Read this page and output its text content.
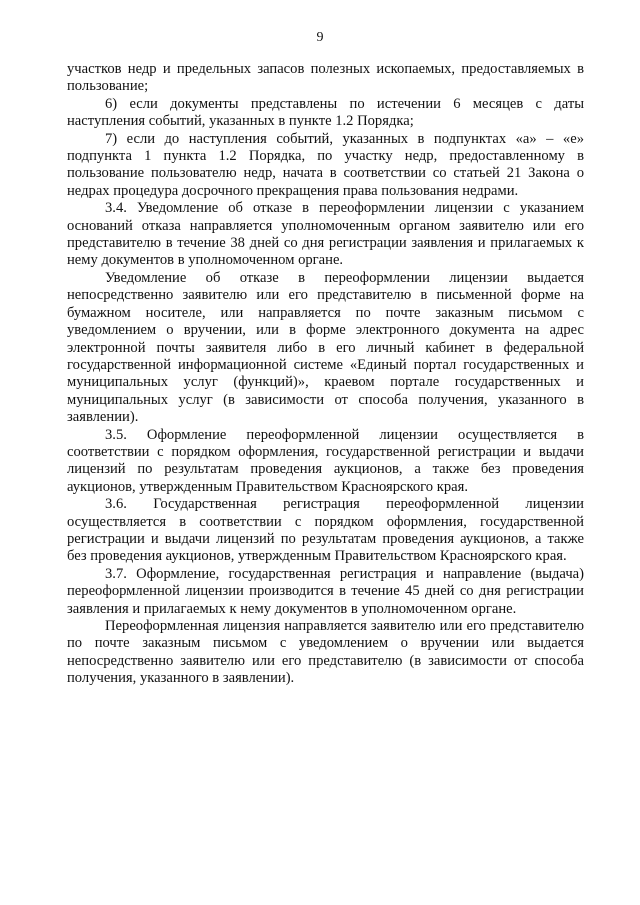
9

участков недр и предельных запасов полезных ископаемых, предоставляемых в пользование;

6) если документы представлены по истечении 6 месяцев с даты наступления событий, указанных в пункте 1.2 Порядка;

7) если до наступления событий, указанных в подпунктах «а» – «е» подпункта 1 пункта 1.2 Порядка, по участку недр, предоставленному в пользование пользователю недр, начата в соответствии со статьей 21 Закона о недрах процедура досрочного прекращения права пользования недрами.

3.4. Уведомление об отказе в переоформлении лицензии с указанием оснований отказа направляется уполномоченным органом заявителю или его представителю в течение 38 дней со дня регистрации заявления и прилагаемых к нему документов в уполномоченном органе.

Уведомление об отказе в переоформлении лицензии выдается непосредственно заявителю или его представителю в письменной форме на бумажном носителе, или направляется по почте заказным письмом с уведомлением о вручении, или в форме электронного документа на адрес электронной почты заявителя либо в его личный кабинет в федеральной государственной информационной системе «Единый портал государственных и муниципальных услуг (функций)», краевом портале государственных и муниципальных услуг (в зависимости от способа получения, указанного в заявлении).

3.5. Оформление переоформленной лицензии осуществляется в соответствии с порядком оформления, государственной регистрации и выдачи лицензий по результатам проведения аукционов, а также без проведения аукционов, утвержденным Правительством Красноярского края.

3.6. Государственная регистрация переоформленной лицензии осуществляется в соответствии с порядком оформления, государственной регистрации и выдачи лицензий по результатам проведения аукционов, а также без проведения аукционов, утвержденным Правительством Красноярского края.

3.7. Оформление, государственная регистрация и направление (выдача) переоформленной лицензии производится в течение 45 дней со дня регистрации заявления и прилагаемых к нему документов в уполномоченном органе.

Переоформленная лицензия направляется заявителю или его представителю по почте заказным письмом с уведомлением о вручении или выдается непосредственно заявителю или его представителю (в зависимости от способа получения, указанного в заявлении).
